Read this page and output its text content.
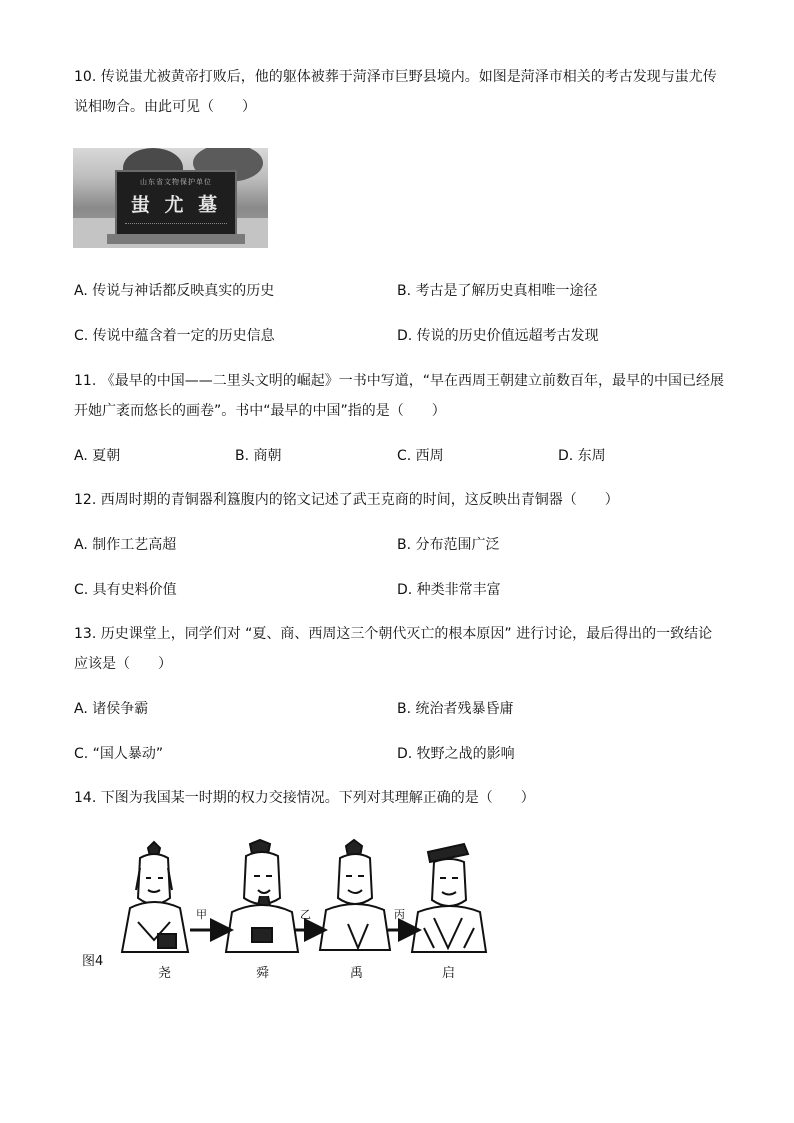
10. 传说蚩尤被黄帝打败后，他的躯体被葬于菏泽市巨野县境内。如图是菏泽市相关的考古发现与蚩尤传
说相吻合。由此可见（　　）
山东省文物保护单位
蚩 尤 墓
A. 传说与神话都反映真实的历史	B. 考古是了解历史真相唯一途径
C. 传说中蕴含着一定的历史信息	D. 传说的历史价值远超考古发现
11. 《最早的中国——二里头文明的崛起》一书中写道，“早在西周王朝建立前数百年，最早的中国已经展
开她广袤而悠长的画卷”。书中“最早的中国”指的是（　　）
A. 夏朝	B. 商朝	C. 西周	D. 东周
12. 西周时期的青铜器利簋腹内的铭文记述了武王克商的时间，这反映出青铜器（　　）
A. 制作工艺高超	B. 分布范围广泛
C. 具有史料价值	D. 种类非常丰富
13. 历史课堂上，同学们对 “夏、商、西周这三个朝代灭亡的根本原因” 进行讨论，最后得出的一致结论
应该是（　　）
A. 诸侯争霸	B. 统治者残暴昏庸
C. “国人暴动”	D. 牧野之战的影响
14. 下图为我国某一时期的权力交接情况。下列对其理解正确的是（　　）
图4
甲	乙	丙
尧	舜	禹	启
